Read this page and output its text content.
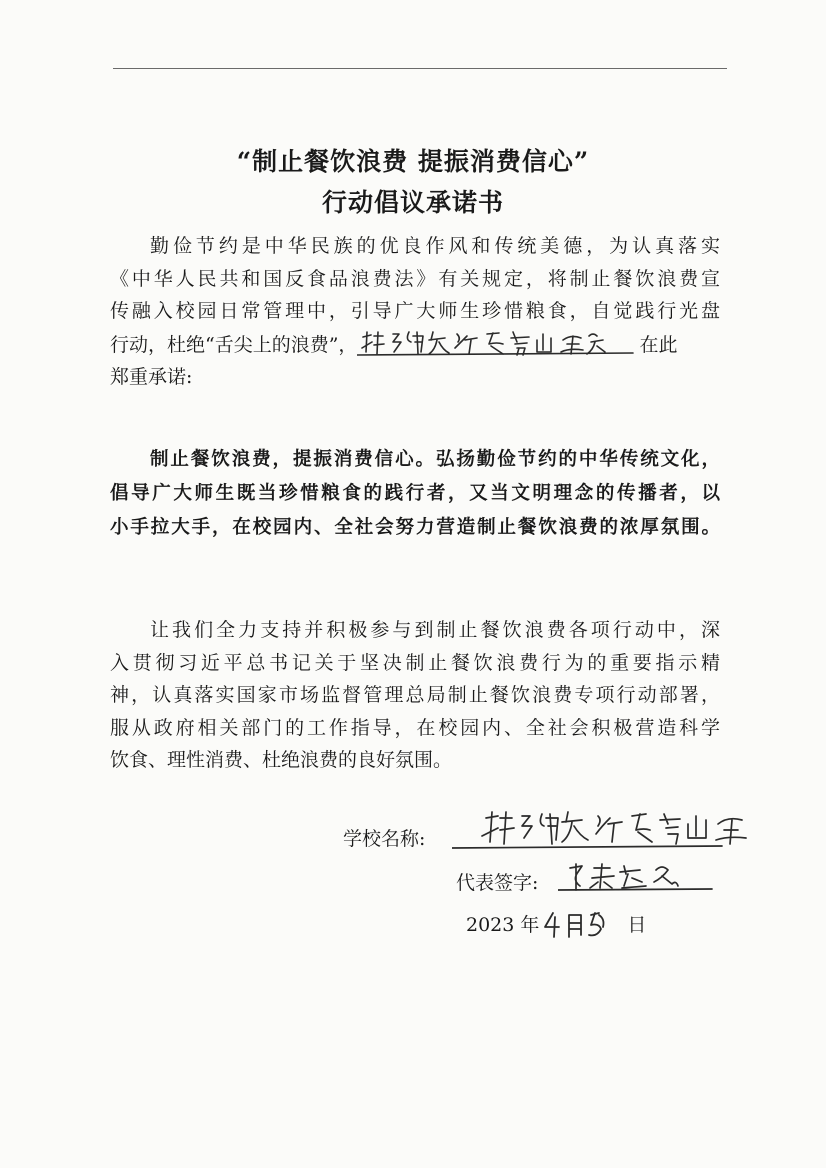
“制止餐饮浪费 提振消费信心”
行动倡议承诺书
勤俭节约是中华民族的优良作风和传统美德，为认真落实
《中华人民共和国反食品浪费法》有关规定，将制止餐饮浪费宣
传融入校园日常管理中，引导广大师生珍惜粮食，自觉践行光盘
行动，杜绝“舌尖上的浪费”，	在此
郑重承诺:
制止餐饮浪费，提振消费信心。弘扬勤俭节约的中华传统文化，
倡导广大师生既当珍惜粮食的践行者，又当文明理念的传播者，以
小手拉大手，在校园内、全社会努力营造制止餐饮浪费的浓厚氛围。
让我们全力支持并积极参与到制止餐饮浪费各项行动中，深
入贯彻习近平总书记关于坚决制止餐饮浪费行为的重要指示精
神，认真落实国家市场监督管理总局制止餐饮浪费专项行动部署，
服从政府相关部门的工作指导，在校园内、全社会积极营造科学
饮食、理性消费、杜绝浪费的良好氛围。
学校名称:
代表签字:
2023 年	日
